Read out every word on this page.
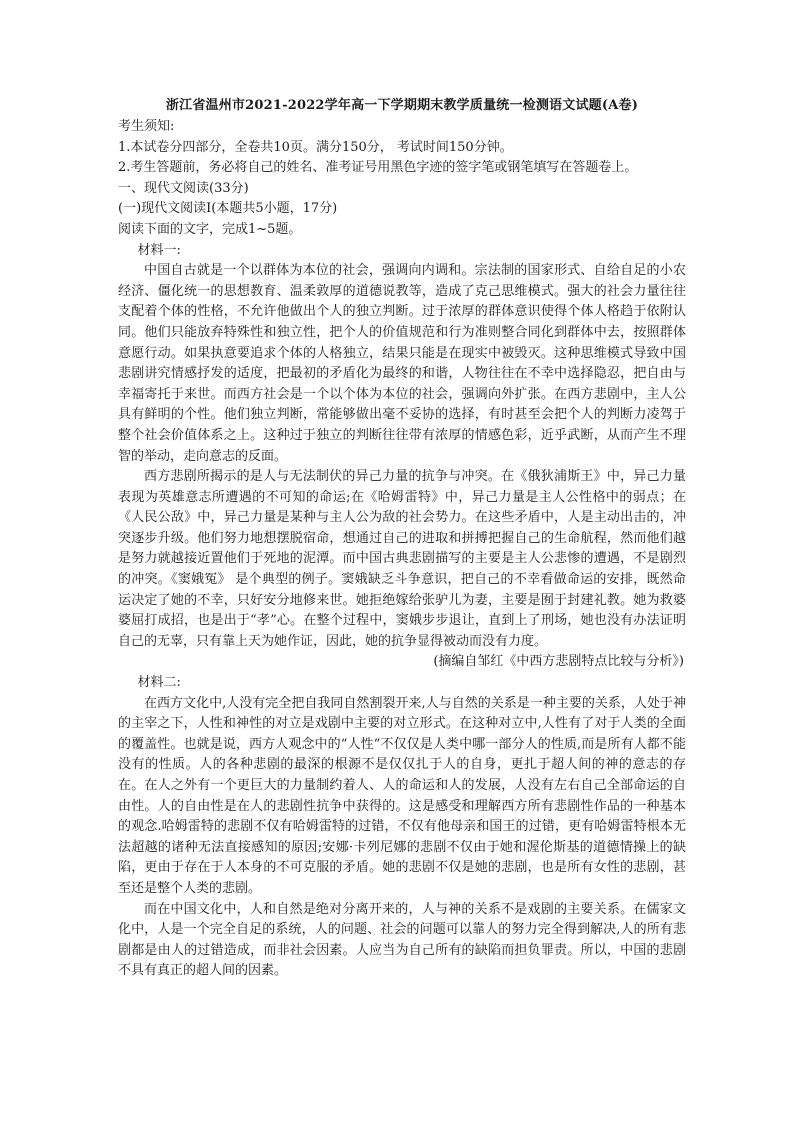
浙江省温州市2021-2022学年高一下学期期末教学质量统一检测语文试题(A卷)
考生须知:
1.本试卷分四部分，全卷共10页。满分150分， 考试时间150分钟。
2.考生答题前，务必将自己的姓名、准考证号用黑色字迹的签字笔或钢笔填写在答题卷上。
一、现代文阅读(33分)
(一)现代文阅读Ⅰ(本题共5小题，17分)
阅读下面的文字，完成1~5题。
材料一:

中国自古就是一个以群体为本位的社会，强调向内调和。宗法制的国家形式、自给自足的小农经济、僵化统一的思想教育、温柔敦厚的道德说教等，造成了克己思维模式。强大的社会力量往往支配着个体的性格，不允许他做出个人的独立判断。过于浓厚的群体意识使得个体人格趋于依附认同。他们只能放弃特殊性和独立性，把个人的价值规范和行为准则整合同化到群体中去，按照群体意愿行动。如果执意要追求个体的人格独立，结果只能是在现实中被毁灭。这种思维模式导致中国悲剧讲究情感抒发的适度，把最初的矛盾化为最终的和谐，人物往往在不幸中选择隐忍，把自由与幸福寄托于来世。而西方社会是一个以个体为本位的社会，强调向外扩张。在西方悲剧中，主人公具有鲜明的个性。他们独立判断，常能够做出毫不妥协的选择，有时甚至会把个人的判断力凌驾于整个社会价值体系之上。这种过于独立的判断往往带有浓厚的情感色彩，近乎武断，从而产生不理智的举动，走向意志的反面。

西方悲剧所揭示的是人与无法制伏的异己力量的抗争与冲突。在《俄狄浦斯王》中，异己力量表现为英雄意志所遭遇的不可知的命运;在《哈姆雷特》中，异己力量是主人公性格中的弱点；在《人民公敌》中，异己力量是某种与主人公为敌的社会势力。在这些矛盾中，人是主动出击的，冲突逐步升级。他们努力地想摆脱宿命，想通过自己的进取和拼搏把握自己的生命航程，然而他们越是努力就越接近置他们于死地的泥潭。而中国古典悲剧描写的主要是主人公悲惨的遭遇，不是剧烈的冲突。《窦娥冤》 是个典型的例子。窦娥缺乏斗争意识，把自己的不幸看做命运的安排，既然命运决定了她的不幸，只好安分地修来世。她拒绝嫁给张驴儿为妻，主要是囿于封建礼教。她为救婆婆屈打成招，也是出于“孝”心。在整个过程中，窦娥步步退让，直到上了刑场，她也没有办法证明自己的无辜，只有靠上天为她作证，因此，她的抗争显得被动而没有力度。

(摘编自邹红《中西方悲剧特点比较与分析》)
材料二:

在西方文化中,人没有完全把自我同自然割裂开来,人与自然的关系是一种主要的关系，人处于神的主宰之下，人性和神性的对立是戏剧中主要的对立形式。在这种对立中,人性有了对于人类的全面的覆盖性。也就是说，西方人观念中的“人性”不仅仅是人类中哪一部分人的性质,而是所有人都不能没有的性质。人的各种悲剧的最深的根源不是仅仅扎于人的自身，更扎于超人间的神的意志的存在。在人之外有一个更巨大的力量制约着人、人的命运和人的发展，人没有左右自己全部命运的自由性。人的自由性是在人的悲剧性抗争中获得的。这是感受和理解西方所有悲剧性作品的一种基本的观念.哈姆雷特的悲剧不仅有哈姆雷特的过错，不仅有他母亲和国王的过错，更有哈姆雷特根本无法超越的诸种无法直接感知的原因;安娜·卡列尼娜的悲剧不仅由于她和渥伦斯基的道德情操上的缺陷，更由于存在于人本身的不可克服的矛盾。她的悲剧不仅是她的悲剧，也是所有女性的悲剧，甚至还是整个人类的悲剧。

而在中国文化中，人和自然是绝对分离开来的，人与神的关系不是戏剧的主要关系。在儒家文化中，人是一个完全自足的系统，人的问题、社会的问题可以靠人的努力完全得到解决,人的所有悲剧都是由人的过错造成，而非社会因素。人应当为自己所有的缺陷而担负罪责。所以，中国的悲剧不具有真正的超人间的因素。
